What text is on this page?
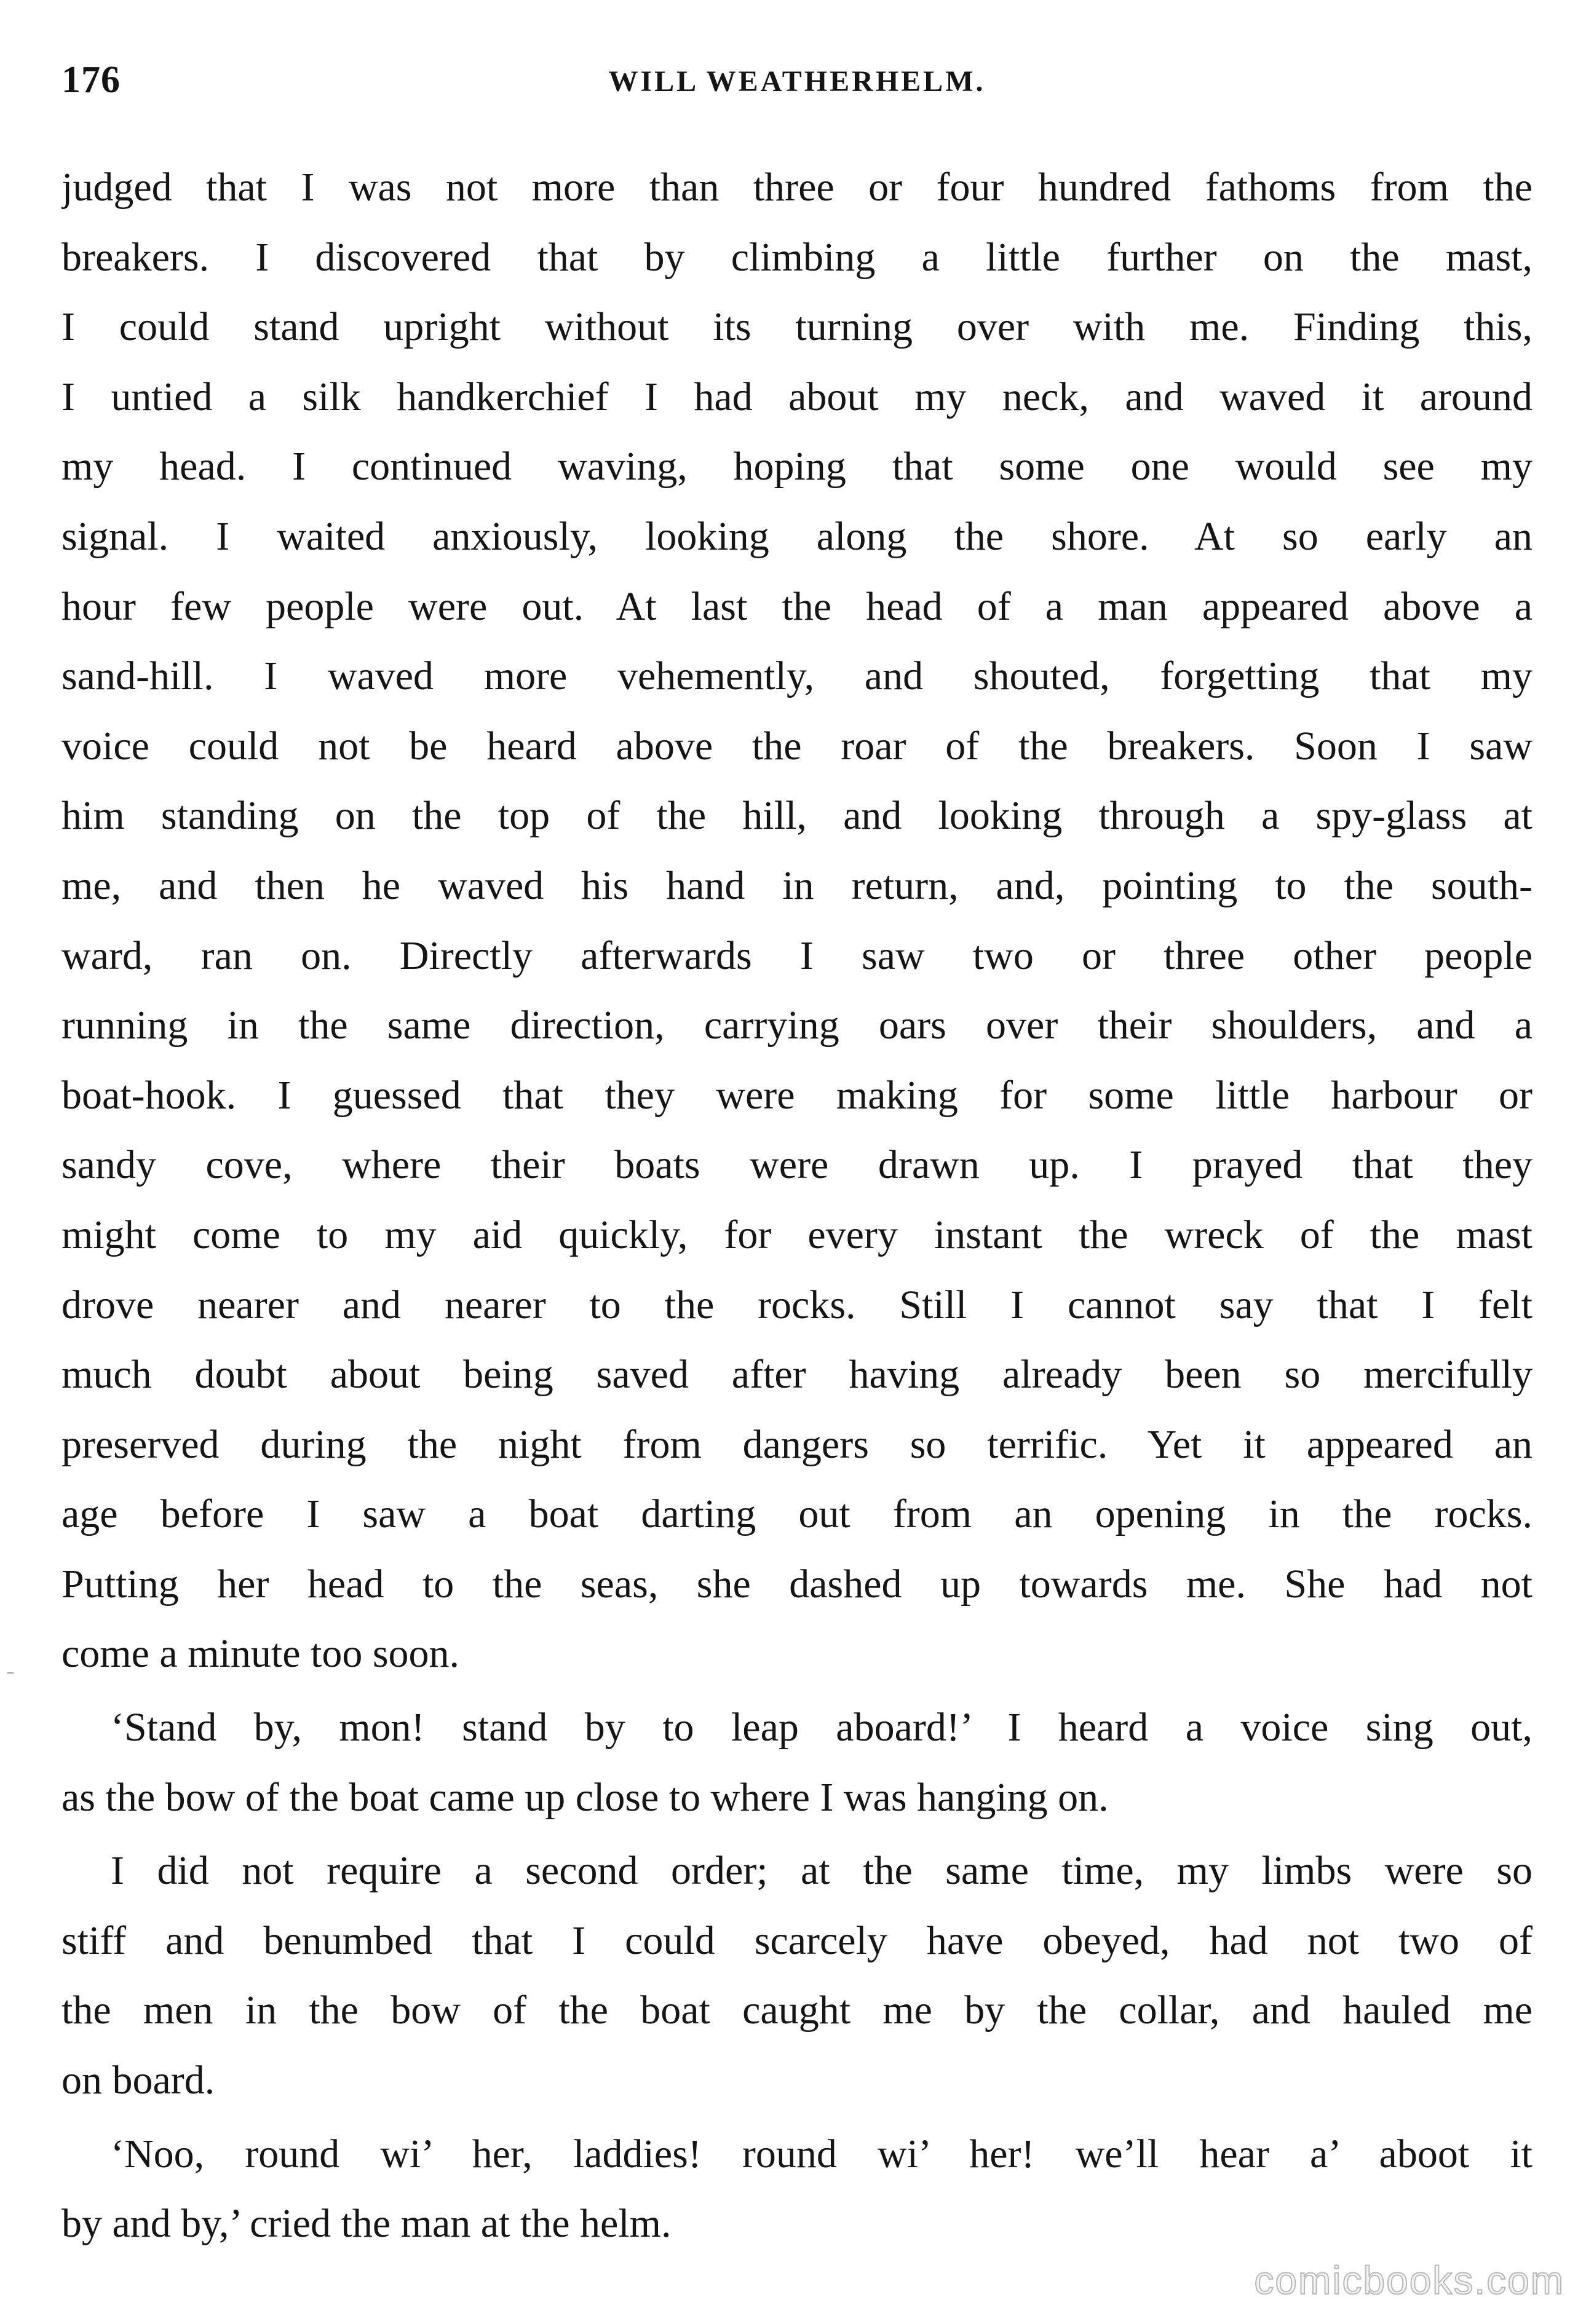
176	WILL WEATHERHELM.
judged that I was not more than three or four hundred fathoms from the
breakers. I discovered that by climbing a little further on the mast,
I could stand upright without its turning over with me. Finding this,
I untied a silk handkerchief I had about my neck, and waved it around
my head. I continued waving, hoping that some one would see my
signal. I waited anxiously, looking along the shore. At so early an
hour few people were out. At last the head of a man appeared above a
sand-hill. I waved more vehemently, and shouted, forgetting that my
voice could not be heard above the roar of the breakers. Soon I saw
him standing on the top of the hill, and looking through a spy-glass at
me, and then he waved his hand in return, and, pointing to the south-
ward, ran on. Directly afterwards I saw two or three other people
running in the same direction, carrying oars over their shoulders, and a
boat-hook. I guessed that they were making for some little harbour or
sandy cove, where their boats were drawn up. I prayed that they
might come to my aid quickly, for every instant the wreck of the mast
drove nearer and nearer to the rocks. Still I cannot say that I felt
much doubt about being saved after having already been so mercifully
preserved during the night from dangers so terrific. Yet it appeared an
age before I saw a boat darting out from an opening in the rocks.
Putting her head to the seas, she dashed up towards me. She had not
come a minute too soon.
‘Stand by, mon! stand by to leap aboard!’ I heard a voice sing out,
as the bow of the boat came up close to where I was hanging on.
I did not require a second order; at the same time, my limbs were so
stiff and benumbed that I could scarcely have obeyed, had not two of
the men in the bow of the boat caught me by the collar, and hauled me
on board.
‘Noo, round wi’ her, laddies! round wi’ her! we’ll hear a’ aboot it
by and by,’ cried the man at the helm.
comicbooks.com
